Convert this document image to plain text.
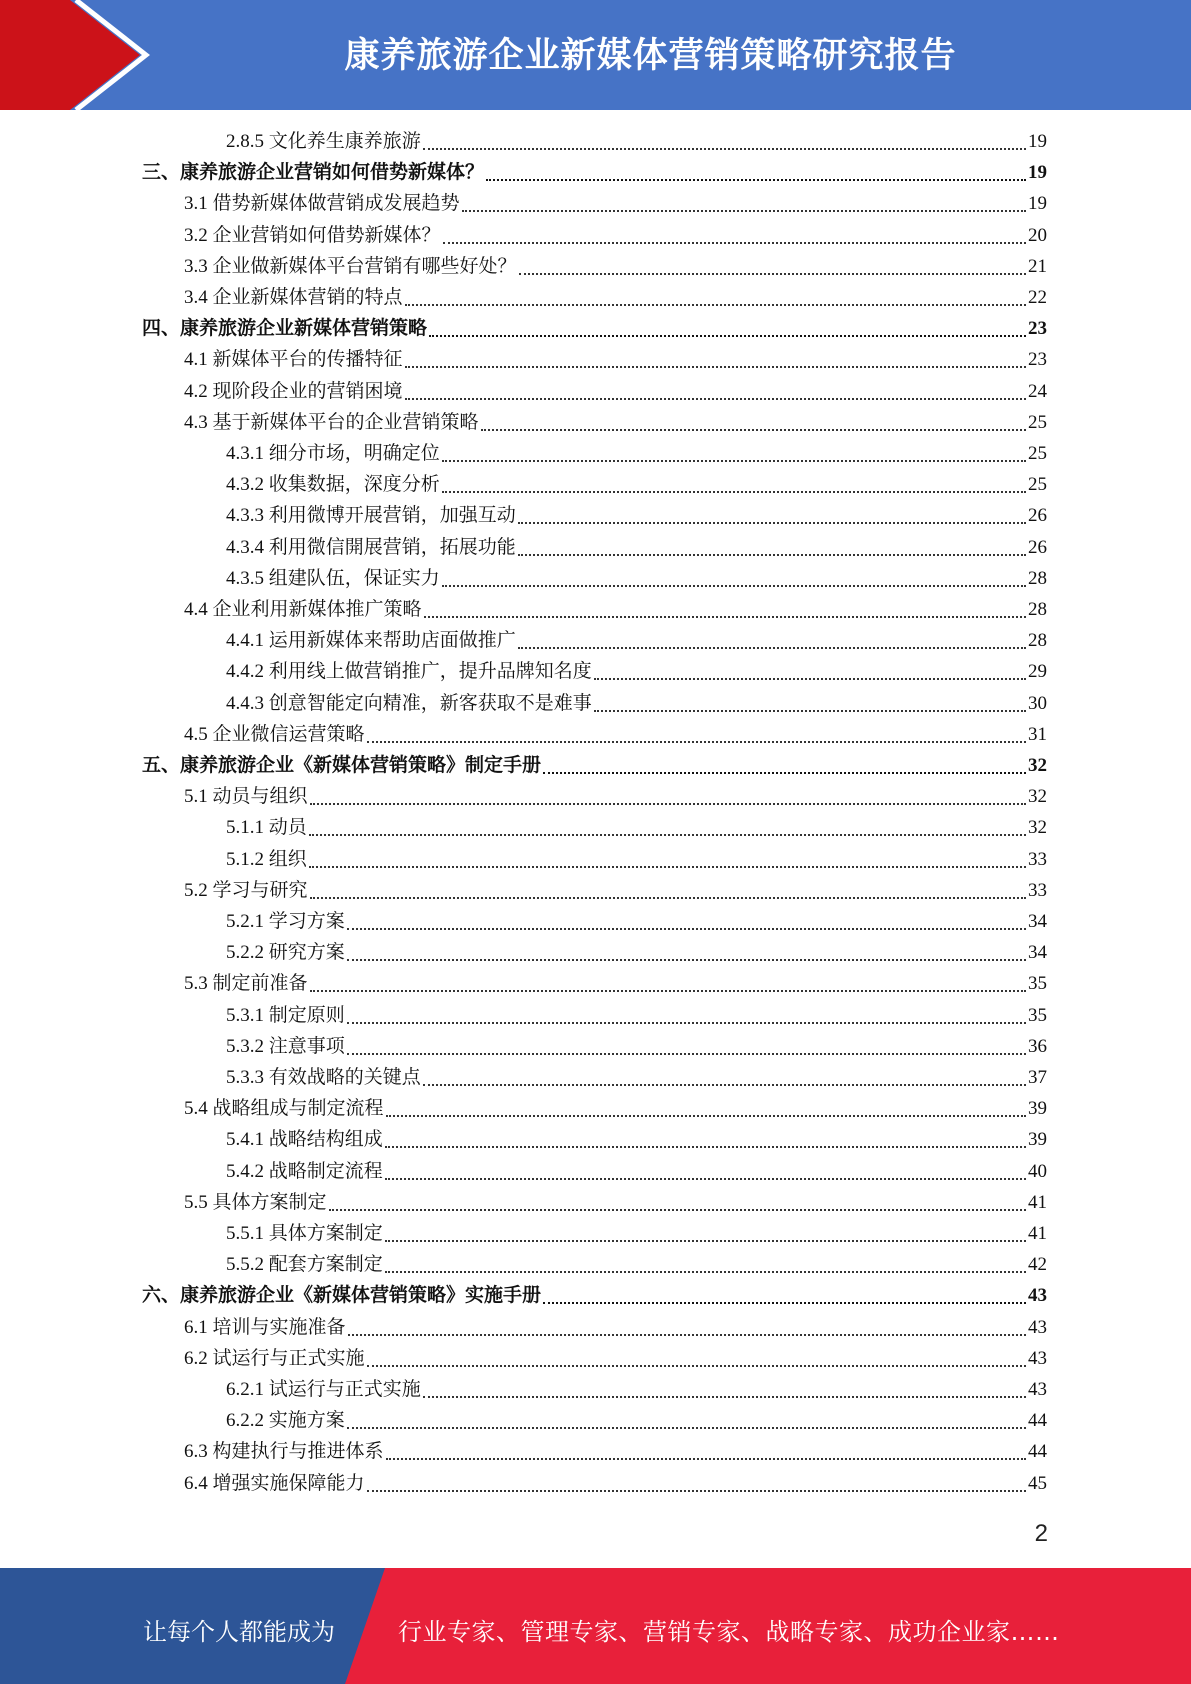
康养旅游企业新媒体营销策略研究报告
2.8.5 文化养生康养旅游	19
三、康养旅游企业营销如何借势新媒体？	19
3.1 借势新媒体做营销成发展趋势	19
3.2 企业营销如何借势新媒体？	20
3.3 企业做新媒体平台营销有哪些好处？	21
3.4 企业新媒体营销的特点	22
四、康养旅游企业新媒体营销策略	23
4.1 新媒体平台的传播特征	23
4.2 现阶段企业的营销困境	24
4.3 基于新媒体平台的企业营销策略	25
4.3.1 细分市场，明确定位	25
4.3.2 收集数据，深度分析	25
4.3.3 利用微博开展营销，加强互动	26
4.3.4 利用微信開展营销，拓展功能	26
4.3.5 组建队伍，保证实力	28
4.4 企业利用新媒体推广策略	28
4.4.1 运用新媒体来帮助店面做推广	28
4.4.2 利用线上做营销推广，提升品牌知名度	29
4.4.3 创意智能定向精准，新客获取不是难事	30
4.5 企业微信运营策略	31
五、康养旅游企业《新媒体营销策略》制定手册	32
5.1 动员与组织	32
5.1.1 动员	32
5.1.2 组织	33
5.2 学习与研究	33
5.2.1 学习方案	34
5.2.2 研究方案	34
5.3 制定前准备	35
5.3.1 制定原则	35
5.3.2 注意事项	36
5.3.3 有效战略的关键点	37
5.4 战略组成与制定流程	39
5.4.1 战略结构组成	39
5.4.2 战略制定流程	40
5.5 具体方案制定	41
5.5.1 具体方案制定	41
5.5.2 配套方案制定	42
六、康养旅游企业《新媒体营销策略》实施手册	43
6.1 培训与实施准备	43
6.2 试运行与正式实施	43
6.2.1 试运行与正式实施	43
6.2.2 实施方案	44
6.3 构建执行与推进体系	44
6.4 增强实施保障能力	45
2
让每个人都能成为	行业专家、管理专家、营销专家、战略专家、成功企业家……
